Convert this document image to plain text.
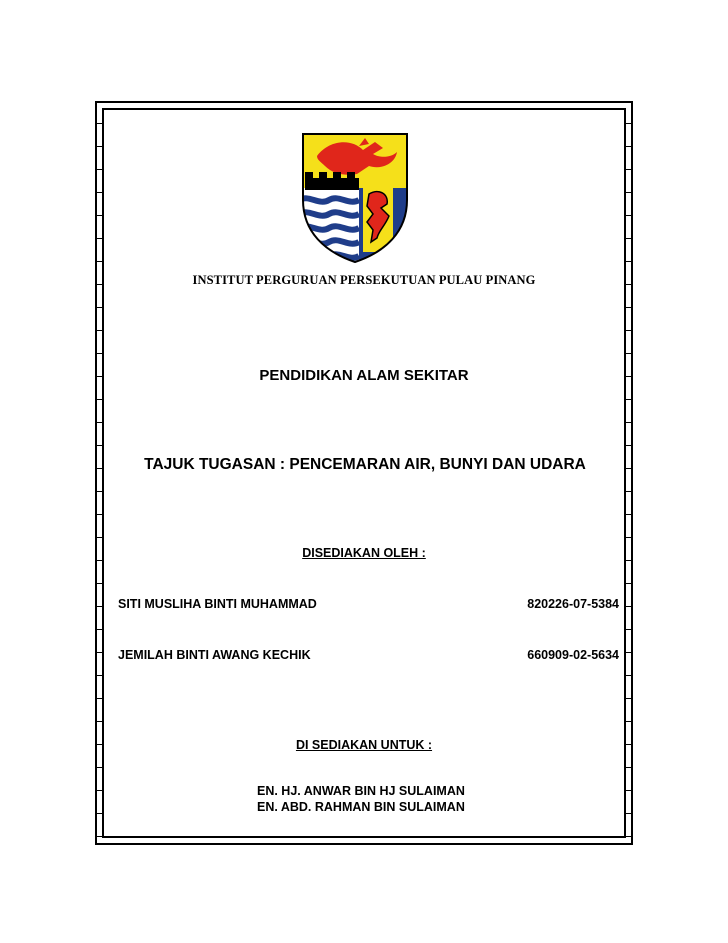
INSTITUT PERGURUAN PERSEKUTUAN PULAU PINANG
PENDIDIKAN ALAM SEKITAR
TAJUK TUGASAN : PENCEMARAN AIR, BUNYI DAN UDARA
DISEDIAKAN OLEH :
SITI MUSLIHA BINTI MUHAMMAD	820226-07-5384
JEMILAH BINTI AWANG KECHIK	660909-02-5634
DI SEDIAKAN UNTUK :
EN. HJ. ANWAR BIN HJ SULAIMAN
EN. ABD. RAHMAN BIN SULAIMAN
